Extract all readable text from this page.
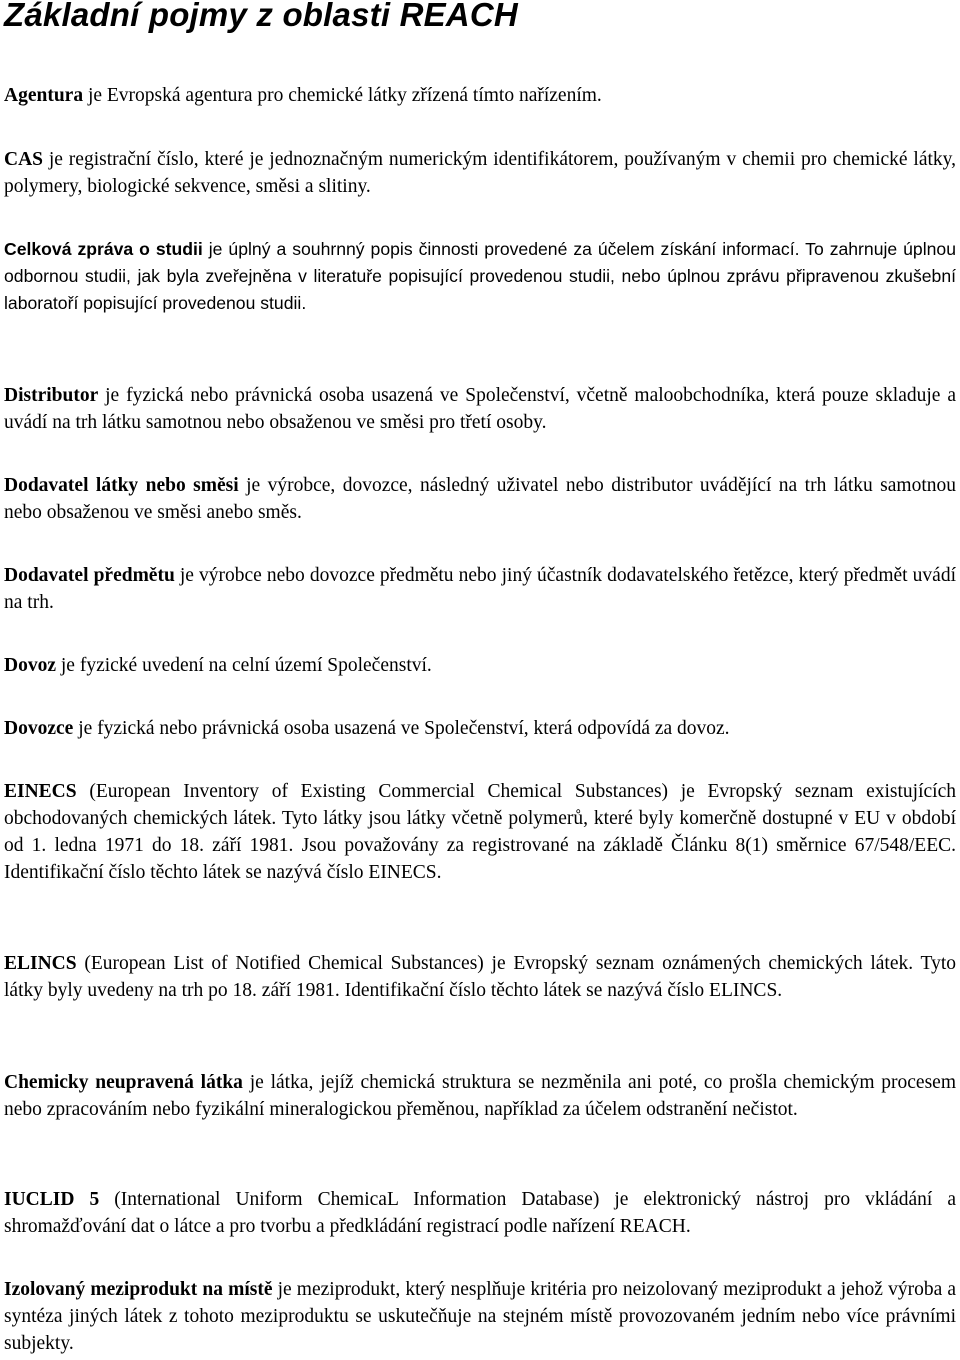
Základní pojmy z oblasti REACH

Agentura je Evropská agentura pro chemické látky zřízená tímto nařízením.

CAS je registrační číslo, které je jednoznačným numerickým identifikátorem, používaným v chemii pro chemické látky, polymery, biologické sekvence, směsi a slitiny.

Celková zpráva o studii je úplný a souhrnný popis činnosti provedené za účelem získání informací. To zahrnuje úplnou odbornou studii, jak byla zveřejněna v literatuře popisující provedenou studii, nebo úplnou zprávu připravenou zkušební laboratoří popisující provedenou studii.

Distributor je fyzická nebo právnická osoba usazená ve Společenství, včetně maloobchodníka, která pouze skladuje a uvádí na trh látku samotnou nebo obsaženou ve směsi pro třetí osoby.

Dodavatel látky nebo směsi je výrobce, dovozce, následný uživatel nebo distributor uvádějící na trh látku samotnou nebo obsaženou ve směsi anebo směs.

Dodavatel předmětu je výrobce nebo dovozce předmětu nebo jiný účastník dodavatelského řetězce, který předmět uvádí na trh.

Dovoz je fyzické uvedení na celní území Společenství.

Dovozce je fyzická nebo právnická osoba usazená ve Společenství, která odpovídá za dovoz.

EINECS (European Inventory of Existing Commercial Chemical Substances) je Evropský seznam existujících obchodovaných chemických látek. Tyto látky jsou látky včetně polymerů, které byly komerčně dostupné v EU v období od 1. ledna 1971 do 18. září 1981. Jsou považovány za registrované na základě Článku 8(1) směrnice 67/548/EEC. Identifikační číslo těchto látek se nazývá číslo EINECS.

ELINCS (European List of Notified Chemical Substances) je Evropský seznam oznámených chemických látek. Tyto látky byly uvedeny na trh po 18. září 1981. Identifikační číslo těchto látek se nazývá číslo ELINCS.

Chemicky neupravená látka je látka, jejíž chemická struktura se nezměnila ani poté, co prošla chemickým procesem nebo zpracováním nebo fyzikální mineralogickou přeměnou, například za účelem odstranění nečistot.

IUCLID 5 (International Uniform ChemicaL Information Database) je elektronický nástroj pro vkládání a shromažďování dat o látce a pro tvorbu a předkládání registrací podle nařízení REACH.

Izolovaný meziprodukt na místě je meziprodukt, který nesplňuje kritéria pro neizolovaný meziprodukt a jehož výroba a syntéza jiných látek z tohoto meziproduktu se uskutečňuje na stejném místě provozovaném jedním nebo více právními subjekty.
